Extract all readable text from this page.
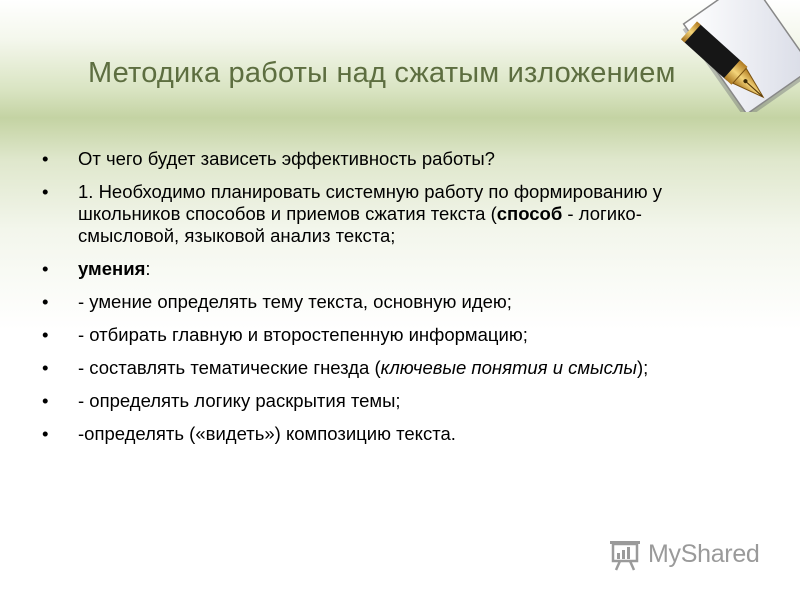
Методика работы над сжатым изложением
• От чего будет зависеть эффективность работы?
• 1. Необходимо планировать системную работу по формированию у школьников способов и приемов сжатия текста (способ - логико-смысловой, языковой анализ текста;
• умения:
• - умение определять тему текста, основную идею;
• - отбирать главную и второстепенную информацию;
• - составлять тематические гнезда (ключевые понятия и смыслы);
• - определять логику раскрытия темы;
• -определять («видеть») композицию текста.
MyShared
